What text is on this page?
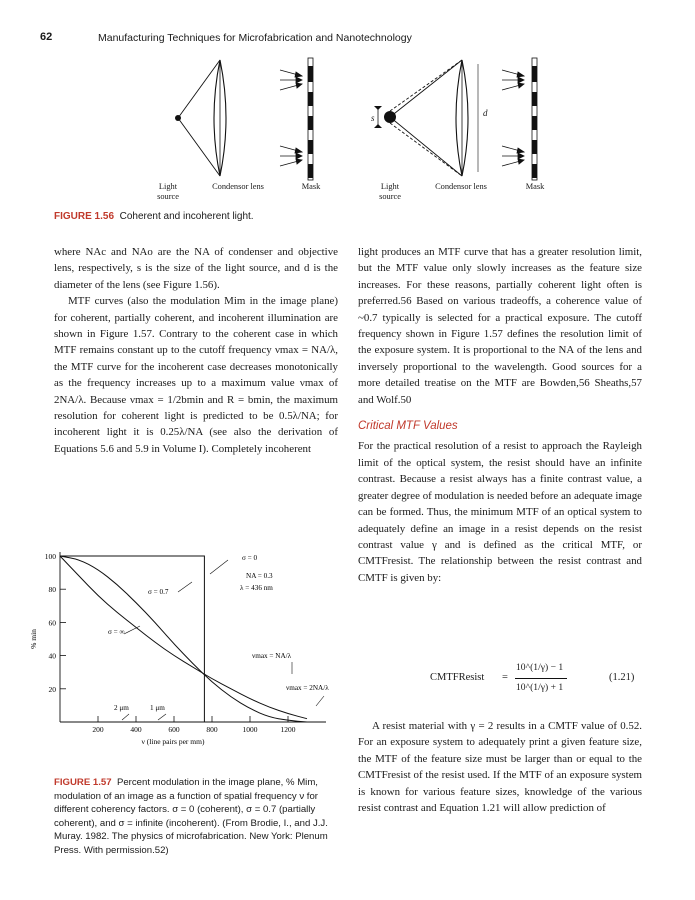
62	Manufacturing Techniques for Microfabrication and Nanotechnology
s	d
Light source
Condensor lens	Mask	Light source
Condensor lens	Mask
FIGURE 1.56 Coherent and incoherent light.

where NAc and NAo are the NA of condenser and objective lens, respectively, s is the size of the light source, and d is the diameter of the lens (see Figure 1.56).

MTF curves (also the modulation Mim in the image plane) for coherent, partially coherent, and incoherent illumination are shown in Figure 1.57. Contrary to the coherent case in which MTF remains constant up to the cutoff frequency νmax = NA/λ, the MTF curve for the incoherent case decreases monotonically as the frequency increases up to a maximum value νmax of 2NA/λ. Because νmax = 1/2bmin and R = bmin, the maximum resolution for coherent light is predicted to be 0.5λ/NA; for incoherent light it is 0.25λ/NA (see also the derivation of Equations 5.6 and 5.9 in Volume I). Completely incoherent

200	400	600	800	1000	1200
20
40
60
80
100
ν (line pairs per mm)
% min
σ = 0
NA = 0.3
λ = 436 nm
σ = 0.7
σ = ∞
νmax = NA/λ
νmax = 2NA/λ
2 μm	1 μm
FIGURE 1.57 Percent modulation in the image plane, % Mim, modulation of an image as a function of spatial frequency ν for different coherency factors. σ = 0 (coherent), σ = 0.7 (partially coherent), and σ = infinite (incoherent). (From Brodie, I., and J.J. Muray. 1982. The physics of microfabrication. New York: Plenum Press. With permission.52)

light produces an MTF curve that has a greater resolution limit, but the MTF value only slowly increases as the feature size increases. For these reasons, partially coherent light often is preferred.56 Based on various tradeoffs, a coherence value of ~0.7 typically is selected for a practical exposure. The cutoff frequency shown in Figure 1.57 defines the resolution limit of the exposure system. It is proportional to the NA of the lens and inversely proportional to the wavelength. Good sources for a more detailed treatise on the MTF are Bowden,56 Sheaths,57 and Wolf.50

Critical MTF Values

For the practical resolution of a resist to approach the Rayleigh limit of the optical system, the resist should have an infinite contrast. Because a resist always has a finite contrast value, a greater degree of modulation is needed before an adequate image can be formed. Thus, the minimum MTF of an optical system to adequately define an image in a resist depends on the resist contrast value γ and is defined as the critical MTF, or CMTFresist. The relationship between the resist contrast and CMTF is given by:

CMTFResist =
10^(1/γ) − 1
10^(1/γ) + 1
(1.21)

A resist material with γ = 2 results in a CMTF value of 0.52. For an exposure system to adequately print a given feature size, the MTF of the feature size must be larger than or equal to the CMTFresist of the resist used. If the MTF of an exposure system is known for various feature sizes, knowledge of the various resist contrast and Equation 1.21 will allow prediction of
